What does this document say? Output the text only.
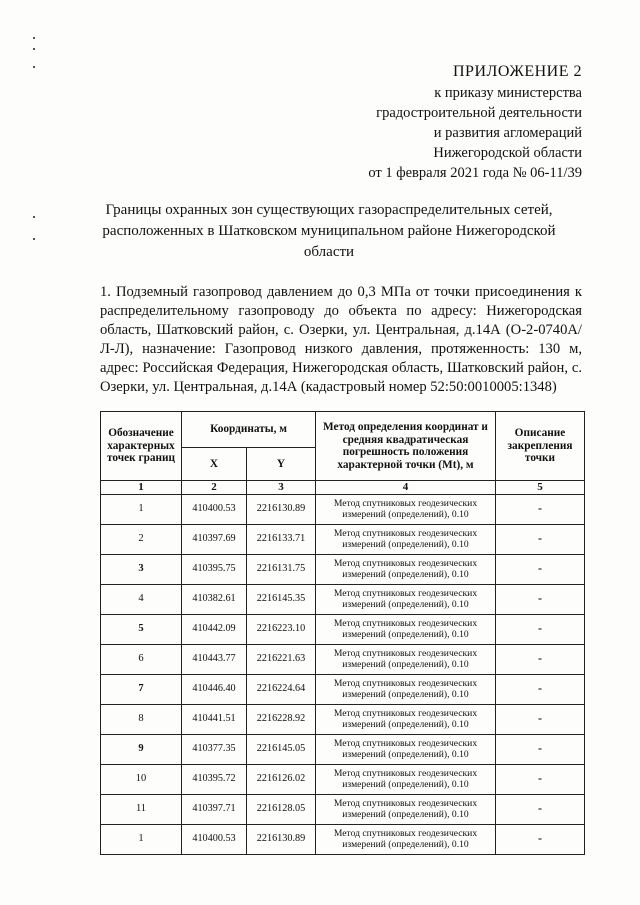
ПРИЛОЖЕНИЕ 2
к приказу министерства
градостроительной деятельности
и развития агломераций
Нижегородской области
от 1 февраля 2021 года № 06-11/39
Границы охранных зон существующих газораспределительных сетей, расположенных в Шатковском муниципальном районе Нижегородской области
1. Подземный газопровод давлением до 0,3 МПа от точки присоединения к распределительному газопроводу до объекта по адресу: Нижегородская область, Шатковский район, с. Озерки, ул. Центральная, д.14А (О-2-0740А/Л-Л), назначение: Газопровод низкого давления, протяженность: 130 м, адрес: Российская Федерация, Нижегородская область, Шатковский район, с. Озерки, ул. Центральная, д.14А (кадастровый номер 52:50:0010005:1348)
Обозначение характерных точек границ	Координаты, м		Метод определения координат и средняя квадратическая погрешность положения характерной точки (Mt), м	Описание закрепления точки
	X	Y		
1	2	3	4	5
1	410400.53	2216130.89	Метод спутниковых геодезических измерений (определений), 0.10	-
2	410397.69	2216133.71	Метод спутниковых геодезических измерений (определений), 0.10	-
3	410395.75	2216131.75	Метод спутниковых геодезических измерений (определений), 0.10	-
4	410382.61	2216145.35	Метод спутниковых геодезических измерений (определений), 0.10	-
5	410442.09	2216223.10	Метод спутниковых геодезических измерений (определений), 0.10	-
6	410443.77	2216221.63	Метод спутниковых геодезических измерений (определений), 0.10	-
7	410446.40	2216224.64	Метод спутниковых геодезических измерений (определений), 0.10	-
8	410441.51	2216228.92	Метод спутниковых геодезических измерений (определений), 0.10	-
9	410377.35	2216145.05	Метод спутниковых геодезических измерений (определений), 0.10	-
10	410395.72	2216126.02	Метод спутниковых геодезических измерений (определений), 0.10	-
11	410397.71	2216128.05	Метод спутниковых геодезических измерений (определений), 0.10	-
1	410400.53	2216130.89	Метод спутниковых геодезических измерений (определений), 0.10	-
